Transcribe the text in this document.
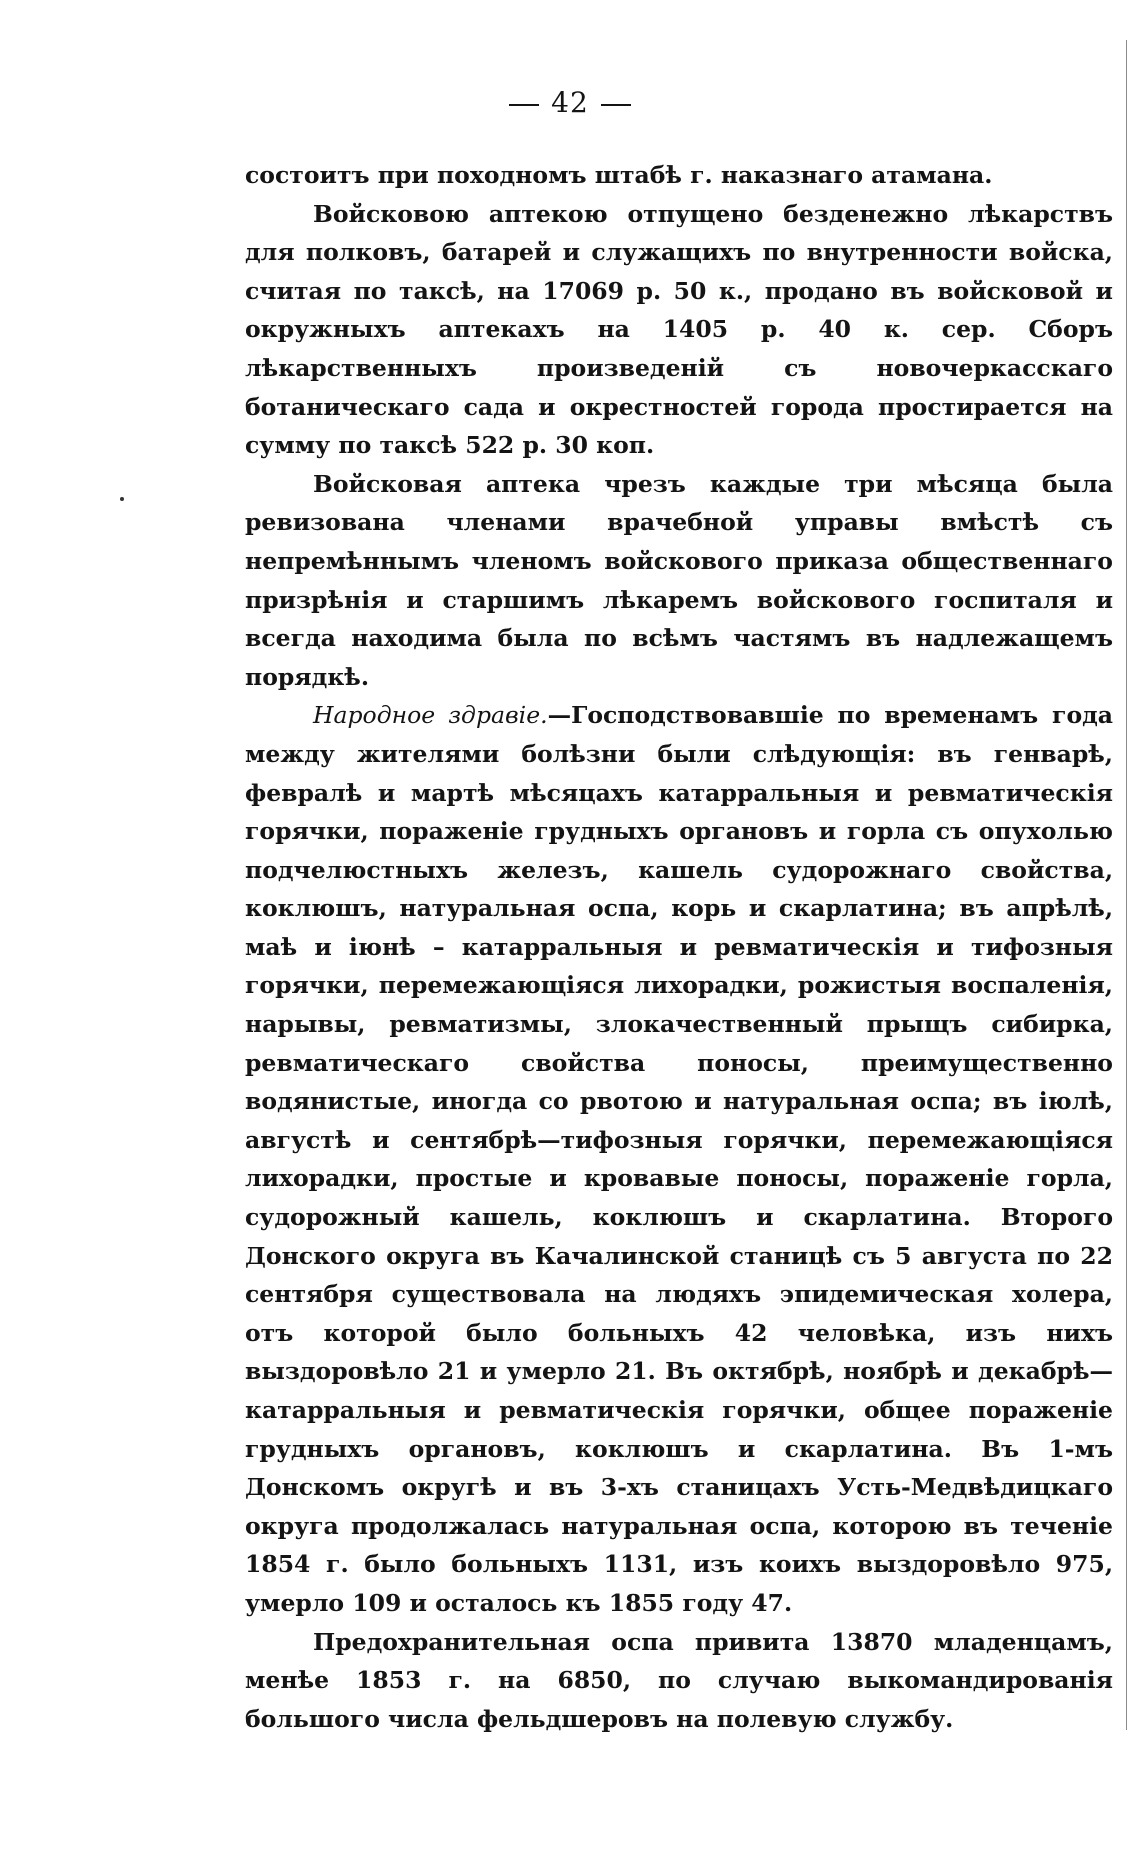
42

состоитъ при походномъ штабѣ г. наказнаго атамана.

Войсковою аптекою отпущено безденежно лѣкарствъ для полковъ, батарей и служащихъ по внутренности войска, считая по таксѣ, на 17069 р. 50 к., продано въ войсковой и окружныхъ аптекахъ на 1405 р. 40 к. сер. Сборъ лѣкарственныхъ произведеній съ новочеркасскаго ботаническаго сада и окрестностей города простирается на сумму по таксѣ 522 р. 30 коп.

Войсковая аптека чрезъ каждые три мѣсяца была ревизована членами врачебной управы вмѣстѣ съ непремѣннымъ членомъ войскового приказа общественнаго призрѣнія и старшимъ лѣкаремъ войскового госпиталя и всегда находима была по всѣмъ частямъ въ надлежащемъ порядкѣ.

Народное здравіе.—Господствовавшіе по временамъ года между жителями болѣзни были слѣдующія: въ генварѣ, февралѣ и мартѣ мѣсяцахъ катарральныя и ревматическія горячки, пораженіе грудныхъ органовъ и горла съ опухолью подчелюстныхъ железъ, кашель судорожнаго свойства, коклюшъ, натуральная оспа, корь и скарлатина; въ апрѣлѣ, маѣ и іюнѣ – катарральныя и ревматическія и тифозныя горячки, перемежающіяся лихорадки, рожистыя воспаленія, нарывы, ревматизмы, злокачественный прыщъ сибирка, ревматическаго свойства поносы, преимущественно водянистые, иногда со рвотою и натуральная оспа; въ іюлѣ, августѣ и сентябрѣ—тифозныя горячки, перемежающіяся лихорадки, простые и кровавые поносы, пораженіе горла, судорожный кашель, коклюшъ и скарлатина. Второго Донского округа въ Качалинской станицѣ съ 5 августа по 22 сентября существовала на людяхъ эпидемическая холера, отъ которой было больныхъ 42 человѣка, изъ нихъ выздоровѣло 21 и умерло 21. Въ октябрѣ, ноябрѣ и декабрѣ—катарральныя и ревматическія горячки, общее пораженіе грудныхъ органовъ, коклюшъ и скарлатина. Въ 1-мъ Донскомъ округѣ и въ 3-хъ станицахъ Усть-Медвѣдицкаго округа продолжалась натуральная оспа, которою въ теченіе 1854 г. было больныхъ 1131, изъ коихъ выздоровѣло 975, умерло 109 и осталось къ 1855 году 47.

Предохранительная оспа привита 13870 младенцамъ, менѣе 1853 г. на 6850, по случаю выкомандированія большого числа фельдшеровъ на полевую службу.
